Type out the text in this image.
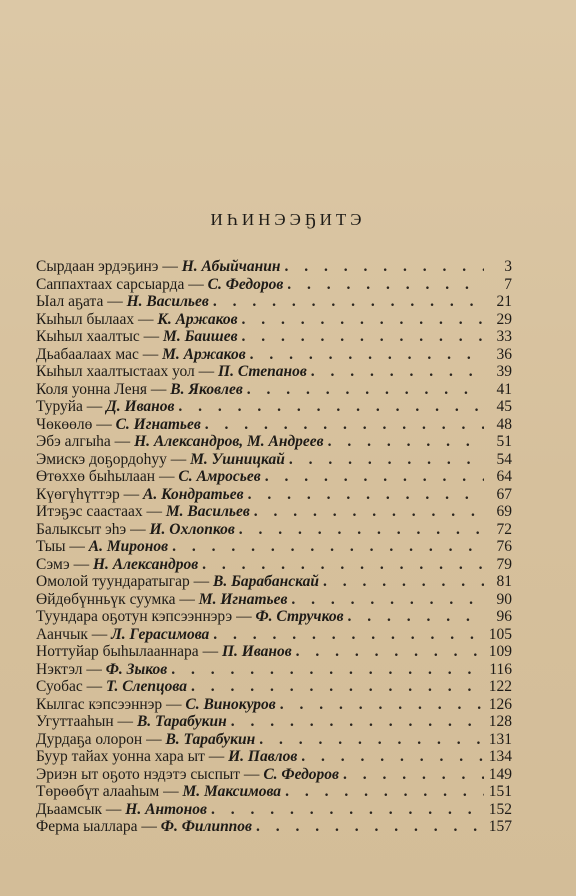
ИҺИНЭЭҔИТЭ
Сырдаан эрдэҕинэ — Н. Абыйчанин . . .	3
Саппахтаах сарсыарда — С. Федоров . . .	7
Ыал аҕата — Н. Васильев . . .	21
Кыһыл былаах — К. Аржаков . . .	29
Кыһыл хаалтыс — М. Баишев . . .	33
Дьабаалаах мас — М. Аржаков . . .	36
Кыһыл хаалтыстаах уол — П. Степанов . . .	39
Коля уонна Леня — В. Яковлев . . .	41
Туруйа — Д. Иванов . . .	45
Чөкөөлө — С. Игнатьев . . .	48
Эбэ алгыһа — Н. Александров, М. Андреев . . .	51
Эмискэ доҕордоһуу — М. Ушницкай . . .	54
Өтөххө быһылаан — С. Амросьев . . .	64
Күөгүһүттэр — А. Кондратьев . . .	67
Итэҕэс саастаах — М. Васильев . . .	69
Балыксыт эһэ — И. Охлопков . . .	72
Тыы — А. Миронов . . .	76
Сэмэ — Н. Александров . . .	79
Омолой туундаратыгар — В. Барабанскай . . .	81
Өйдөбүнньүк суумка — М. Игнатьев . . .	90
Туундара оҕотун кэпсээннэрэ — Ф. Стручков . . .	96
Аанчык — Л. Герасимова . . .	105
Ноттуйар быһылааннара — П. Иванов . . .	109
Нэктэл — Ф. Зыков . . .	116
Суобас — Т. Слепцова . . .	122
Кылгас кэпсээннэр — С. Винокуров . . .	126
Угуттааһын — В. Тарабукин . . .	128
Дурдаҕа олорон — В. Тарабукин . . .	131
Буур тайах уонна хара ыт — И. Павлов . . .	134
Эриэн ыт оҕото нэдэтэ сыспыт — С. Федоров . . .	149
Төрөөбүт алааһым — М. Максимова . . .	151
Дьаамсык — Н. Антонов . . .	152
Ферма ыаллара — Ф. Филиппов . . .	157
